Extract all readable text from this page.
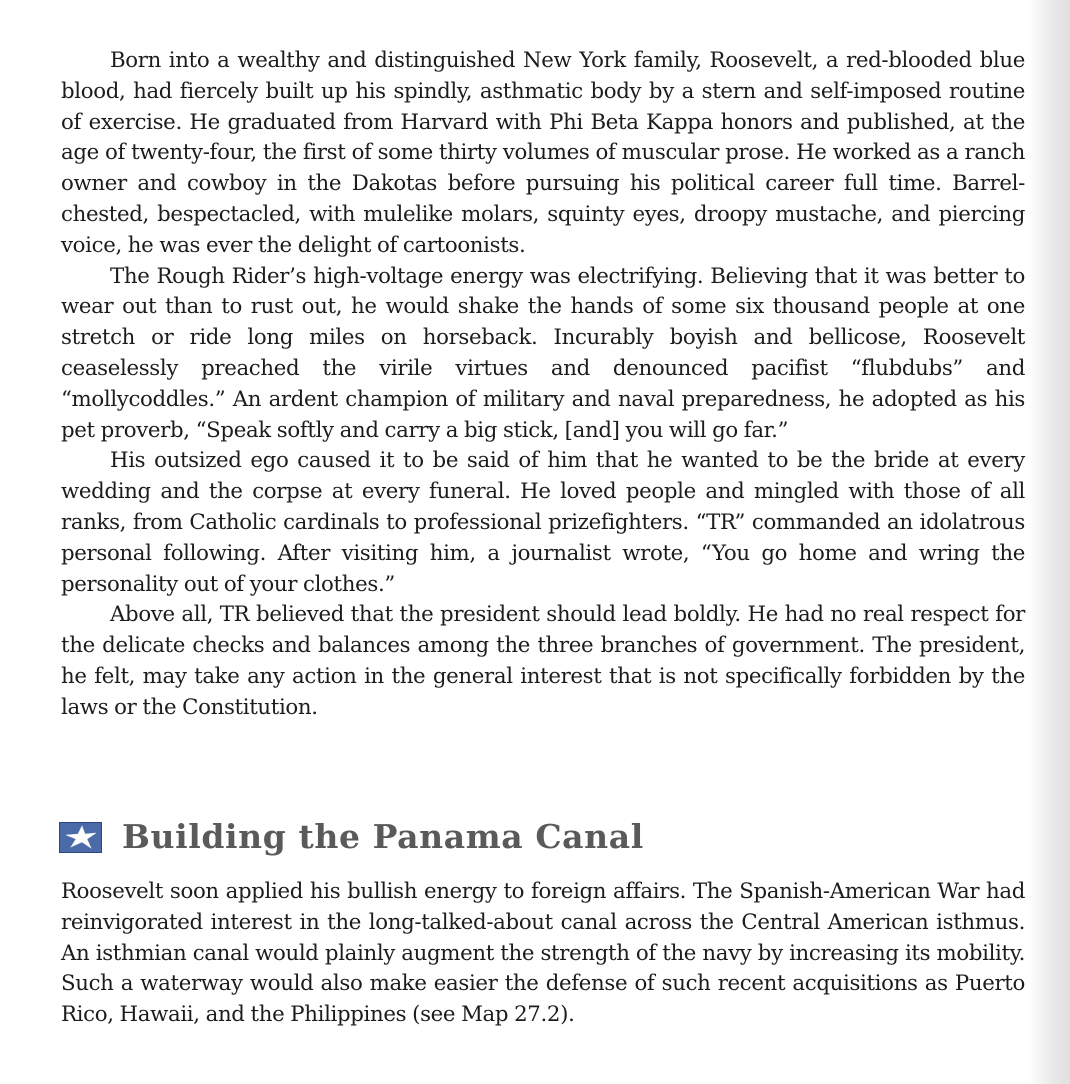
Born into a wealthy and distinguished New York family, Roosevelt, a red-blooded blue blood, had fiercely built up his spindly, asthmatic body by a stern and self-imposed routine of exercise. He graduated from Harvard with Phi Beta Kappa honors and published, at the age of twenty-four, the first of some thirty volumes of muscular prose. He worked as a ranch owner and cowboy in the Dakotas before pursuing his political career full time. Barrel-chested, bespectacled, with mulelike molars, squinty eyes, droopy mustache, and piercing voice, he was ever the delight of cartoonists.

The Rough Rider’s high-voltage energy was electrifying. Believing that it was better to wear out than to rust out, he would shake the hands of some six thousand people at one stretch or ride long miles on horseback. Incurably boyish and bellicose, Roosevelt ceaselessly preached the virile virtues and denounced pacifist “flubdubs” and “mollycoddles.” An ardent champion of military and naval preparedness, he adopted as his pet proverb, “Speak softly and carry a big stick, [and] you will go far.”

His outsized ego caused it to be said of him that he wanted to be the bride at every wedding and the corpse at every funeral. He loved people and mingled with those of all ranks, from Catholic cardinals to professional prizefighters. “TR” commanded an idolatrous personal following. After visiting him, a journalist wrote, “You go home and wring the personality out of your clothes.”

Above all, TR believed that the president should lead boldly. He had no real respect for the delicate checks and balances among the three branches of government. The president, he felt, may take any action in the general interest that is not specifically forbidden by the laws or the Constitution.

Building the Panama Canal

Roosevelt soon applied his bullish energy to foreign affairs. The Spanish-American War had reinvigorated interest in the long-talked-about canal across the Central American isthmus. An isthmian canal would plainly augment the strength of the navy by increasing its mobility. Such a waterway would also make easier the defense of such recent acquisitions as Puerto Rico, Hawaii, and the Philippines (see Map 27.2).
